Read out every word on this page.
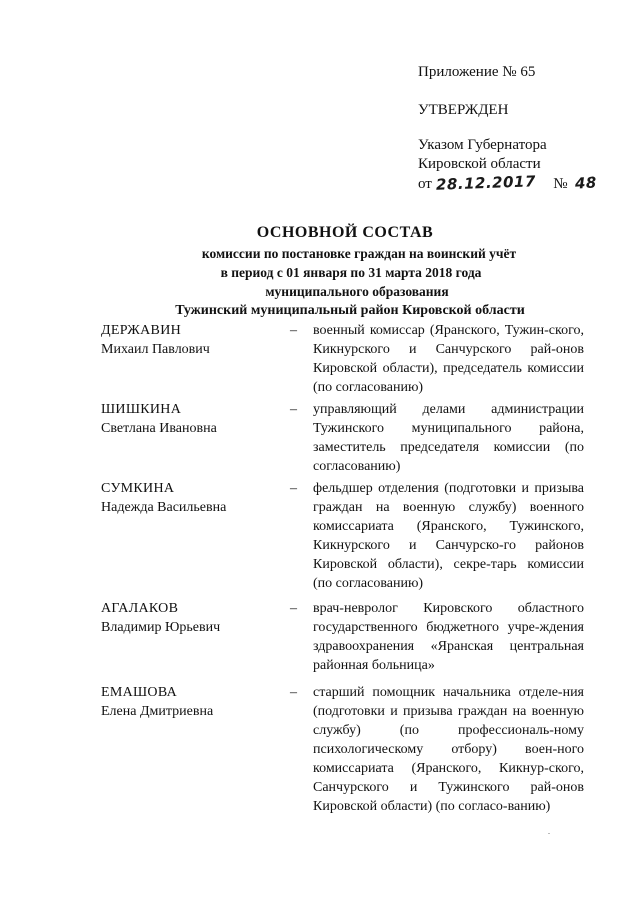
Приложение № 65
УТВЕРЖДЕН
Указом Губернатора
Кировской области
от 28.12.2017 № 48
ОСНОВНОЙ СОСТАВ
комиссии по постановке граждан на воинский учёт
в период с 01 января по 31 марта 2018 года
муниципального образования
Тужинский муниципальный район Кировской области
ДЕРЖАВИН
Михаил Павлович
– военный комиссар (Яранского, Тужин-ского, Кикнурского и Санчурского рай-онов Кировской области), председатель комиссии (по согласованию)
ШИШКИНА
Светлана Ивановна
– управляющий делами администрации Тужинского муниципального района, заместитель председателя комиссии (по согласованию)
СУМКИНА
Надежда Васильевна
– фельдшер отделения (подготовки и призыва граждан на военную службу) военного комиссариата (Яранского, Тужинского, Кикнурского и Санчурско-го районов Кировской области), секре-тарь комиссии (по согласованию)
АГАЛАКОВ
Владимир Юрьевич
– врач-невролог Кировского областного государственного бюджетного учре-ждения здравоохранения «Яранская центральная районная больница»
ЕМАШОВА
Елена Дмитриевна
– старший помощник начальника отделе-ния (подготовки и призыва граждан на военную службу) (по профессиональ-ному психологическому отбору) воен-ного комиссариата (Яранского, Кикнур-ского, Санчурского и Тужинского рай-онов Кировской области) (по согласо-ванию)
